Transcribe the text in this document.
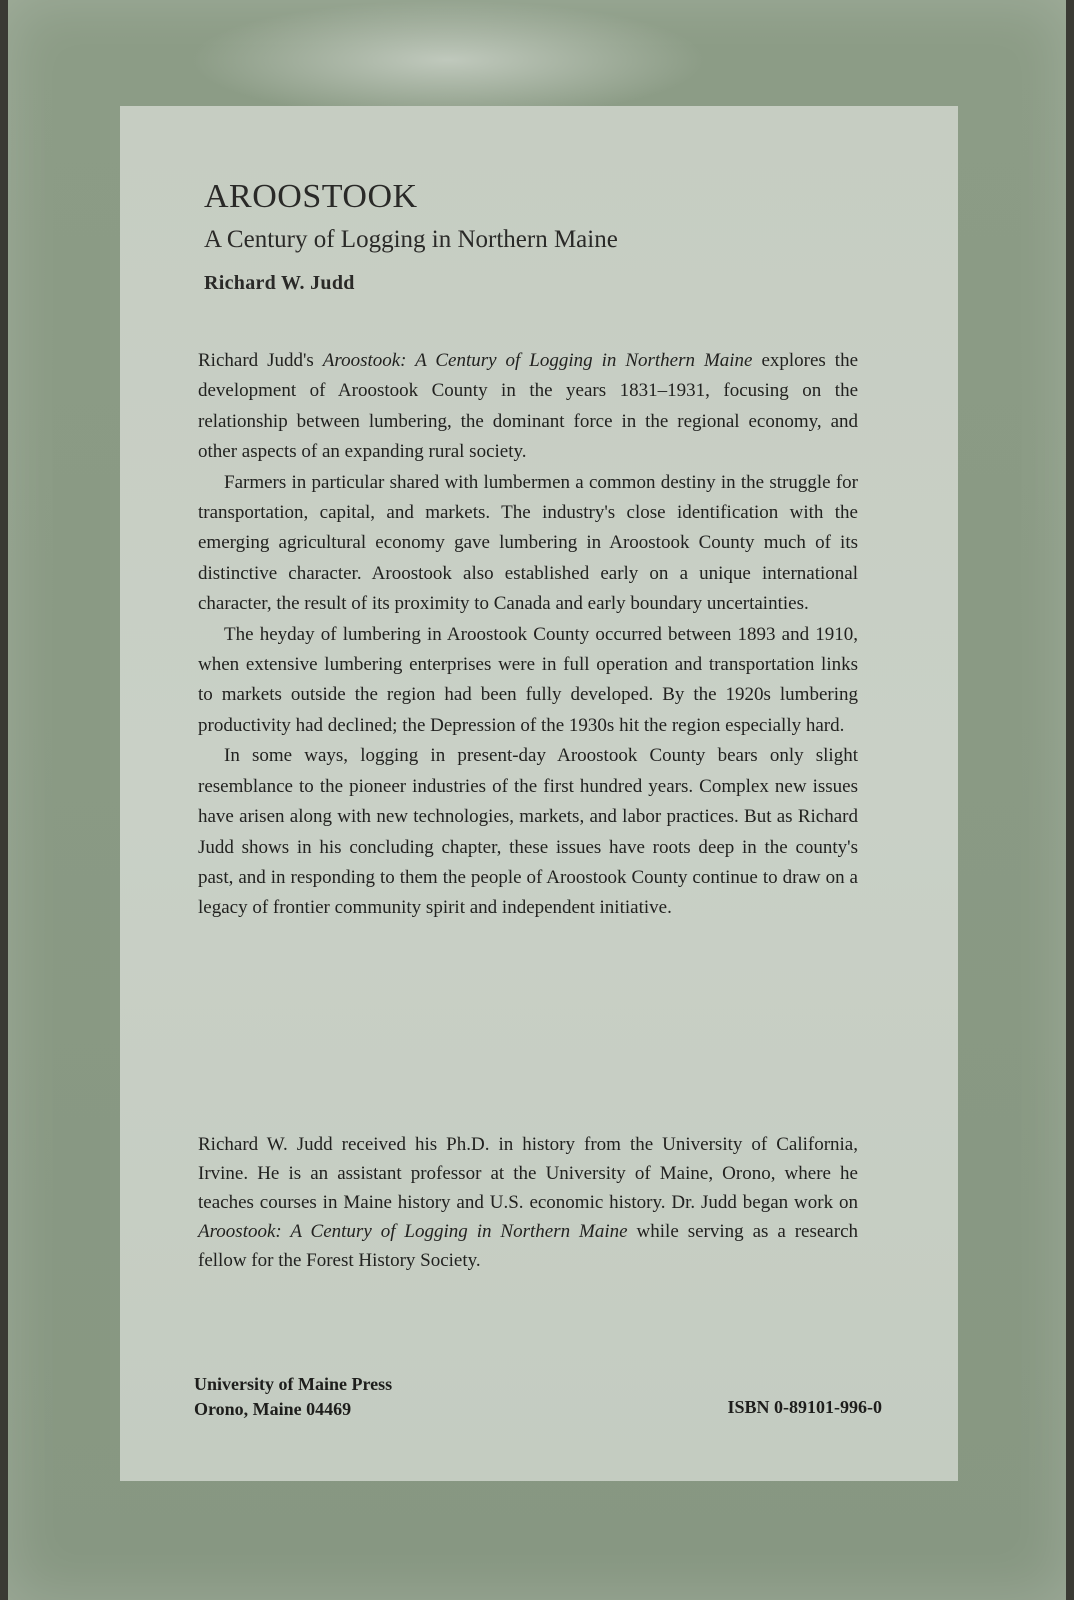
AROOSTOOK
A Century of Logging in Northern Maine
Richard W. Judd

Richard Judd's Aroostook: A Century of Logging in Northern Maine explores the development of Aroostook County in the years 1831–1931, focusing on the relationship between lumbering, the dominant force in the regional economy, and other aspects of an expanding rural society.

Farmers in particular shared with lumbermen a common destiny in the struggle for transportation, capital, and markets. The industry's close identification with the emerging agricultural economy gave lumbering in Aroostook County much of its distinctive character. Aroostook also established early on a unique international character, the result of its proximity to Canada and early boundary uncertainties.

The heyday of lumbering in Aroostook County occurred between 1893 and 1910, when extensive lumbering enterprises were in full operation and transportation links to markets outside the region had been fully developed. By the 1920s lumbering productivity had declined; the Depression of the 1930s hit the region especially hard.

In some ways, logging in present-day Aroostook County bears only slight resemblance to the pioneer industries of the first hundred years. Complex new issues have arisen along with new technologies, markets, and labor practices. But as Richard Judd shows in his concluding chapter, these issues have roots deep in the county's past, and in responding to them the people of Aroostook County continue to draw on a legacy of frontier community spirit and independent initiative.

Richard W. Judd received his Ph.D. in history from the University of California, Irvine. He is an assistant professor at the University of Maine, Orono, where he teaches courses in Maine history and U.S. economic history. Dr. Judd began work on Aroostook: A Century of Logging in Northern Maine while serving as a research fellow for the Forest History Society.

University of Maine Press
Orono, Maine 04469	ISBN 0-89101-996-0
